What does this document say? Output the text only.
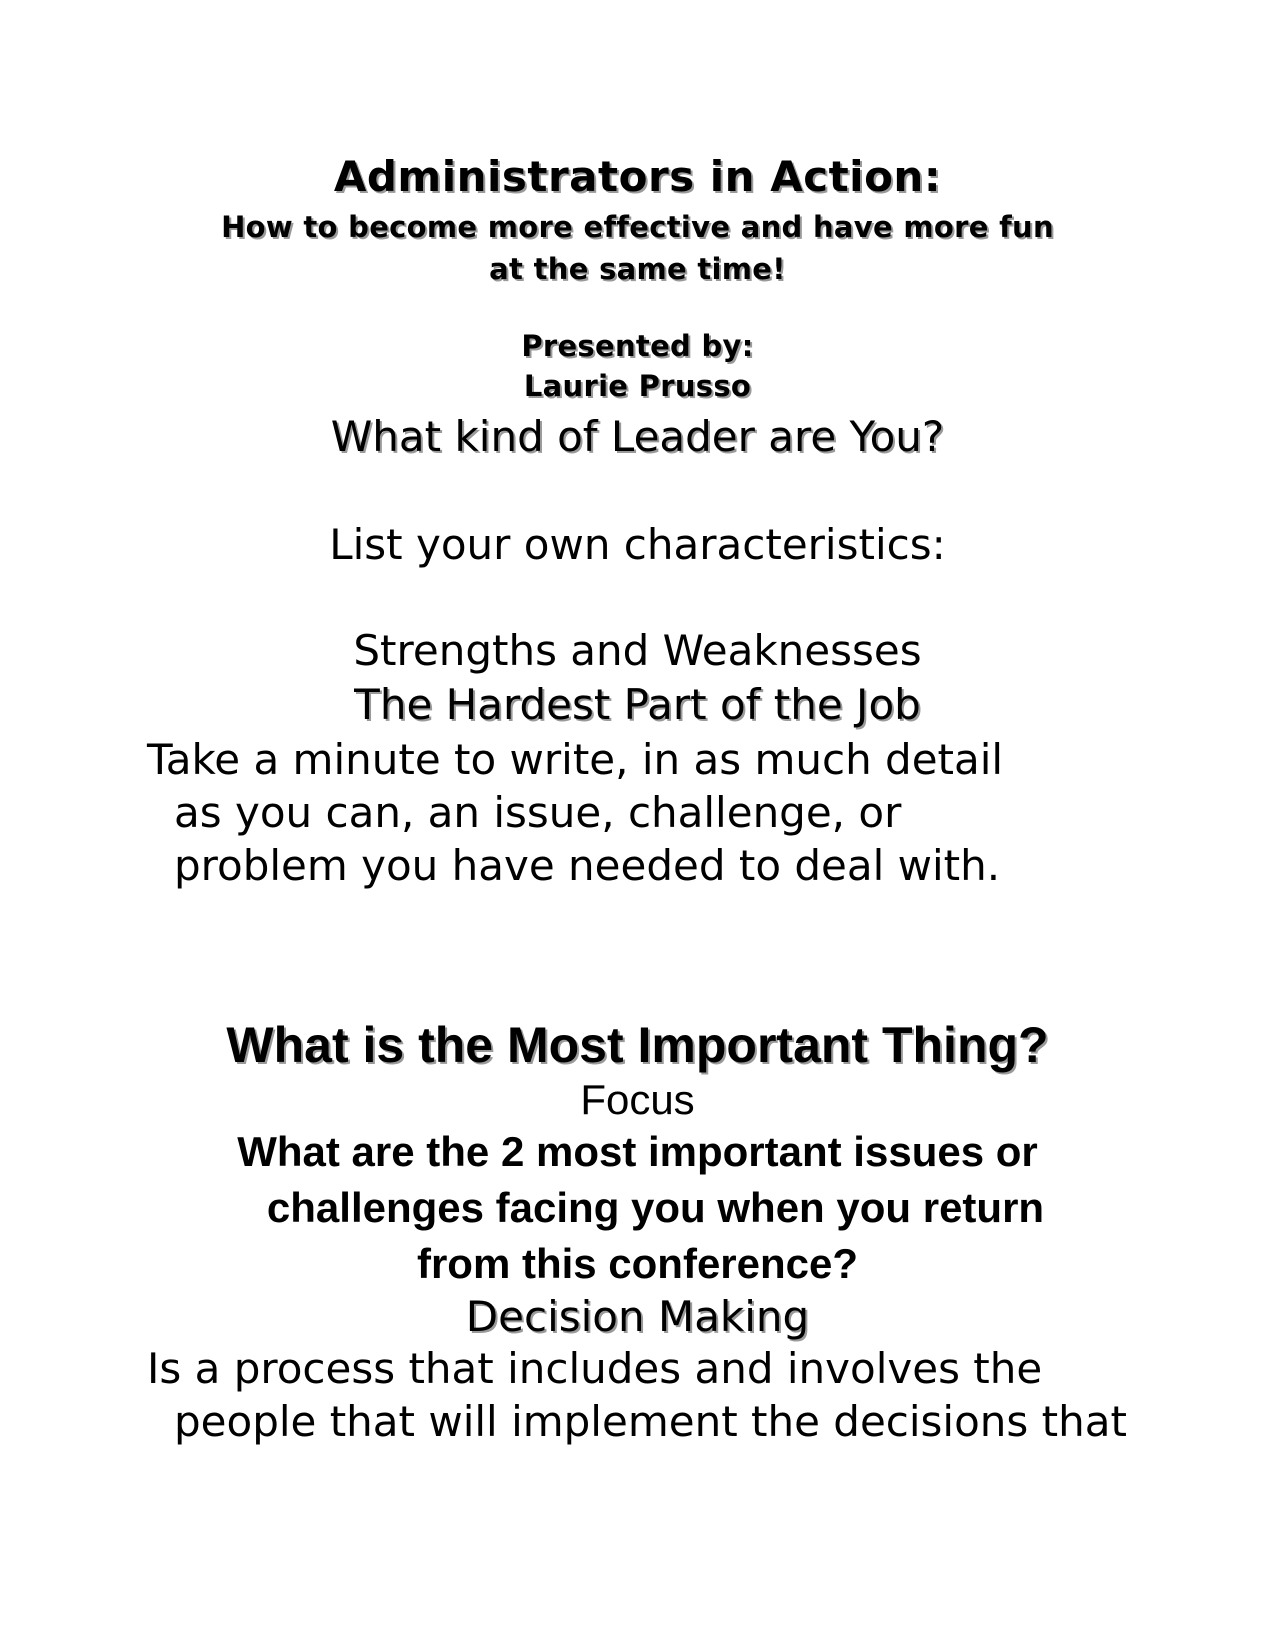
Administrators in Action:
How to become more effective and have more fun
at the same time!
Presented by:
Laurie Prusso
What kind of Leader are You?
List your own characteristics:
Strengths and Weaknesses
The Hardest Part of the Job
Take a minute to write, in as much detail
as you can, an issue, challenge, or
problem you have needed to deal with.
What is the Most Important Thing?
Focus
What are the 2 most important issues or
challenges facing you when you return
from this conference?
Decision Making
Is a process that includes and involves the
people that will implement the decisions that
